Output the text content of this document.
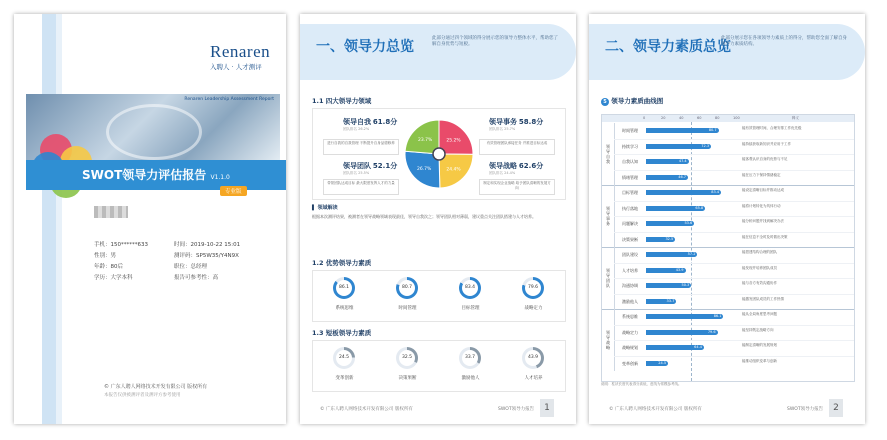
Renaren
入聘人 · 人才测评
Renaren Leadership Assessment Report
SWOT领导力评估报告 V1.1.0
专业版
手机：150******633	时间：2019-10-22 15:01
性别：男	测评码：SP5W35/Y4N9X
年龄：80后	职位：总经理
学历：大学本科	报告可参考性：高
© 广东人聘人网络技术开发有限公司 版权所有
本报告仅供被测评者及测评方参考使用
一、领导力总览
此部分通过四个领域的得分展示您的领导力整体水平，帮助您了解自身优势与短板。
1.1 四大领导力领域
25.2%
24.4%
26.7%
23.7%
领导自我 61.8分
团队排名 26.2%
进行自我的自我管理 不断提升自身品德修养
领导事务 58.8分
团队排名 25.7%
有效管理团队承接任务 并推进目标达成
领导团队 52.1分
团队排名 25.5%
带领团队达成目标 最大限度发挥人才的力量
领导战略 62.6分
团队排名 24.4%
制定和实现企业战略 给予团队清晰的发展方向
▌ 领域解读
根据本次测评结果，被测者在领导战略领域表现最佳，领导自我次之；领导团队相对薄弱，建议重点关注团队搭建与人才培养。
1.2 优势领导力素质
86.1
系统思维
80.7
时间管理
83.4
目标管理
79.6
战略定力
1.3 短板领导力素质
24.5
变革创新
32.5
决策果断
33.7
激励他人
43.9
人才培养
© 广东人聘人网络技术开发有限公司 版权所有	SWOT领导力报告	1
二、领导力素质总览
此部分展示您在各项领导力素质上的得分，帮助您全面了解自身领导力素质结构。
5 领导力素质曲线图
0	20	40	60	80	100	释义
领导自我
时间管理	80.7	能有效管理时间，合理安排工作优先级
持续学习	72.3	能持续获取新知识并应用于工作
自我认知	47.4	能客观认识自身的优势与不足
情绪管理	46.7	能在压力下保持情绪稳定
领导事务
目标管理	83.4	能设定清晰目标并推动达成
执行落地	65.8	能将计划转化为具体行动
问题解决	53.6	能分析问题并找到解决办法
决策果断	32.5	能在信息不全时及时做出决策
领导团队
团队建设	57.2	能搭建结构合理的团队
人才培养	43.9	能发现并培养团队成员
沟通协调	50.3	能与各方有效沟通协作
激励他人	33.7	能激发团队成员的工作热情
领导战略
系统思维	86.1	能从全局角度思考问题
战略定力	79.6	能坚持既定战略方向
战略规划	64.4	能制定清晰的发展规划
变革创新	24.5	能推动组织变革与创新
说明：柱状长度代表得分高低，虚线为常模参考线。
© 广东人聘人网络技术开发有限公司 版权所有	SWOT领导力报告	2
